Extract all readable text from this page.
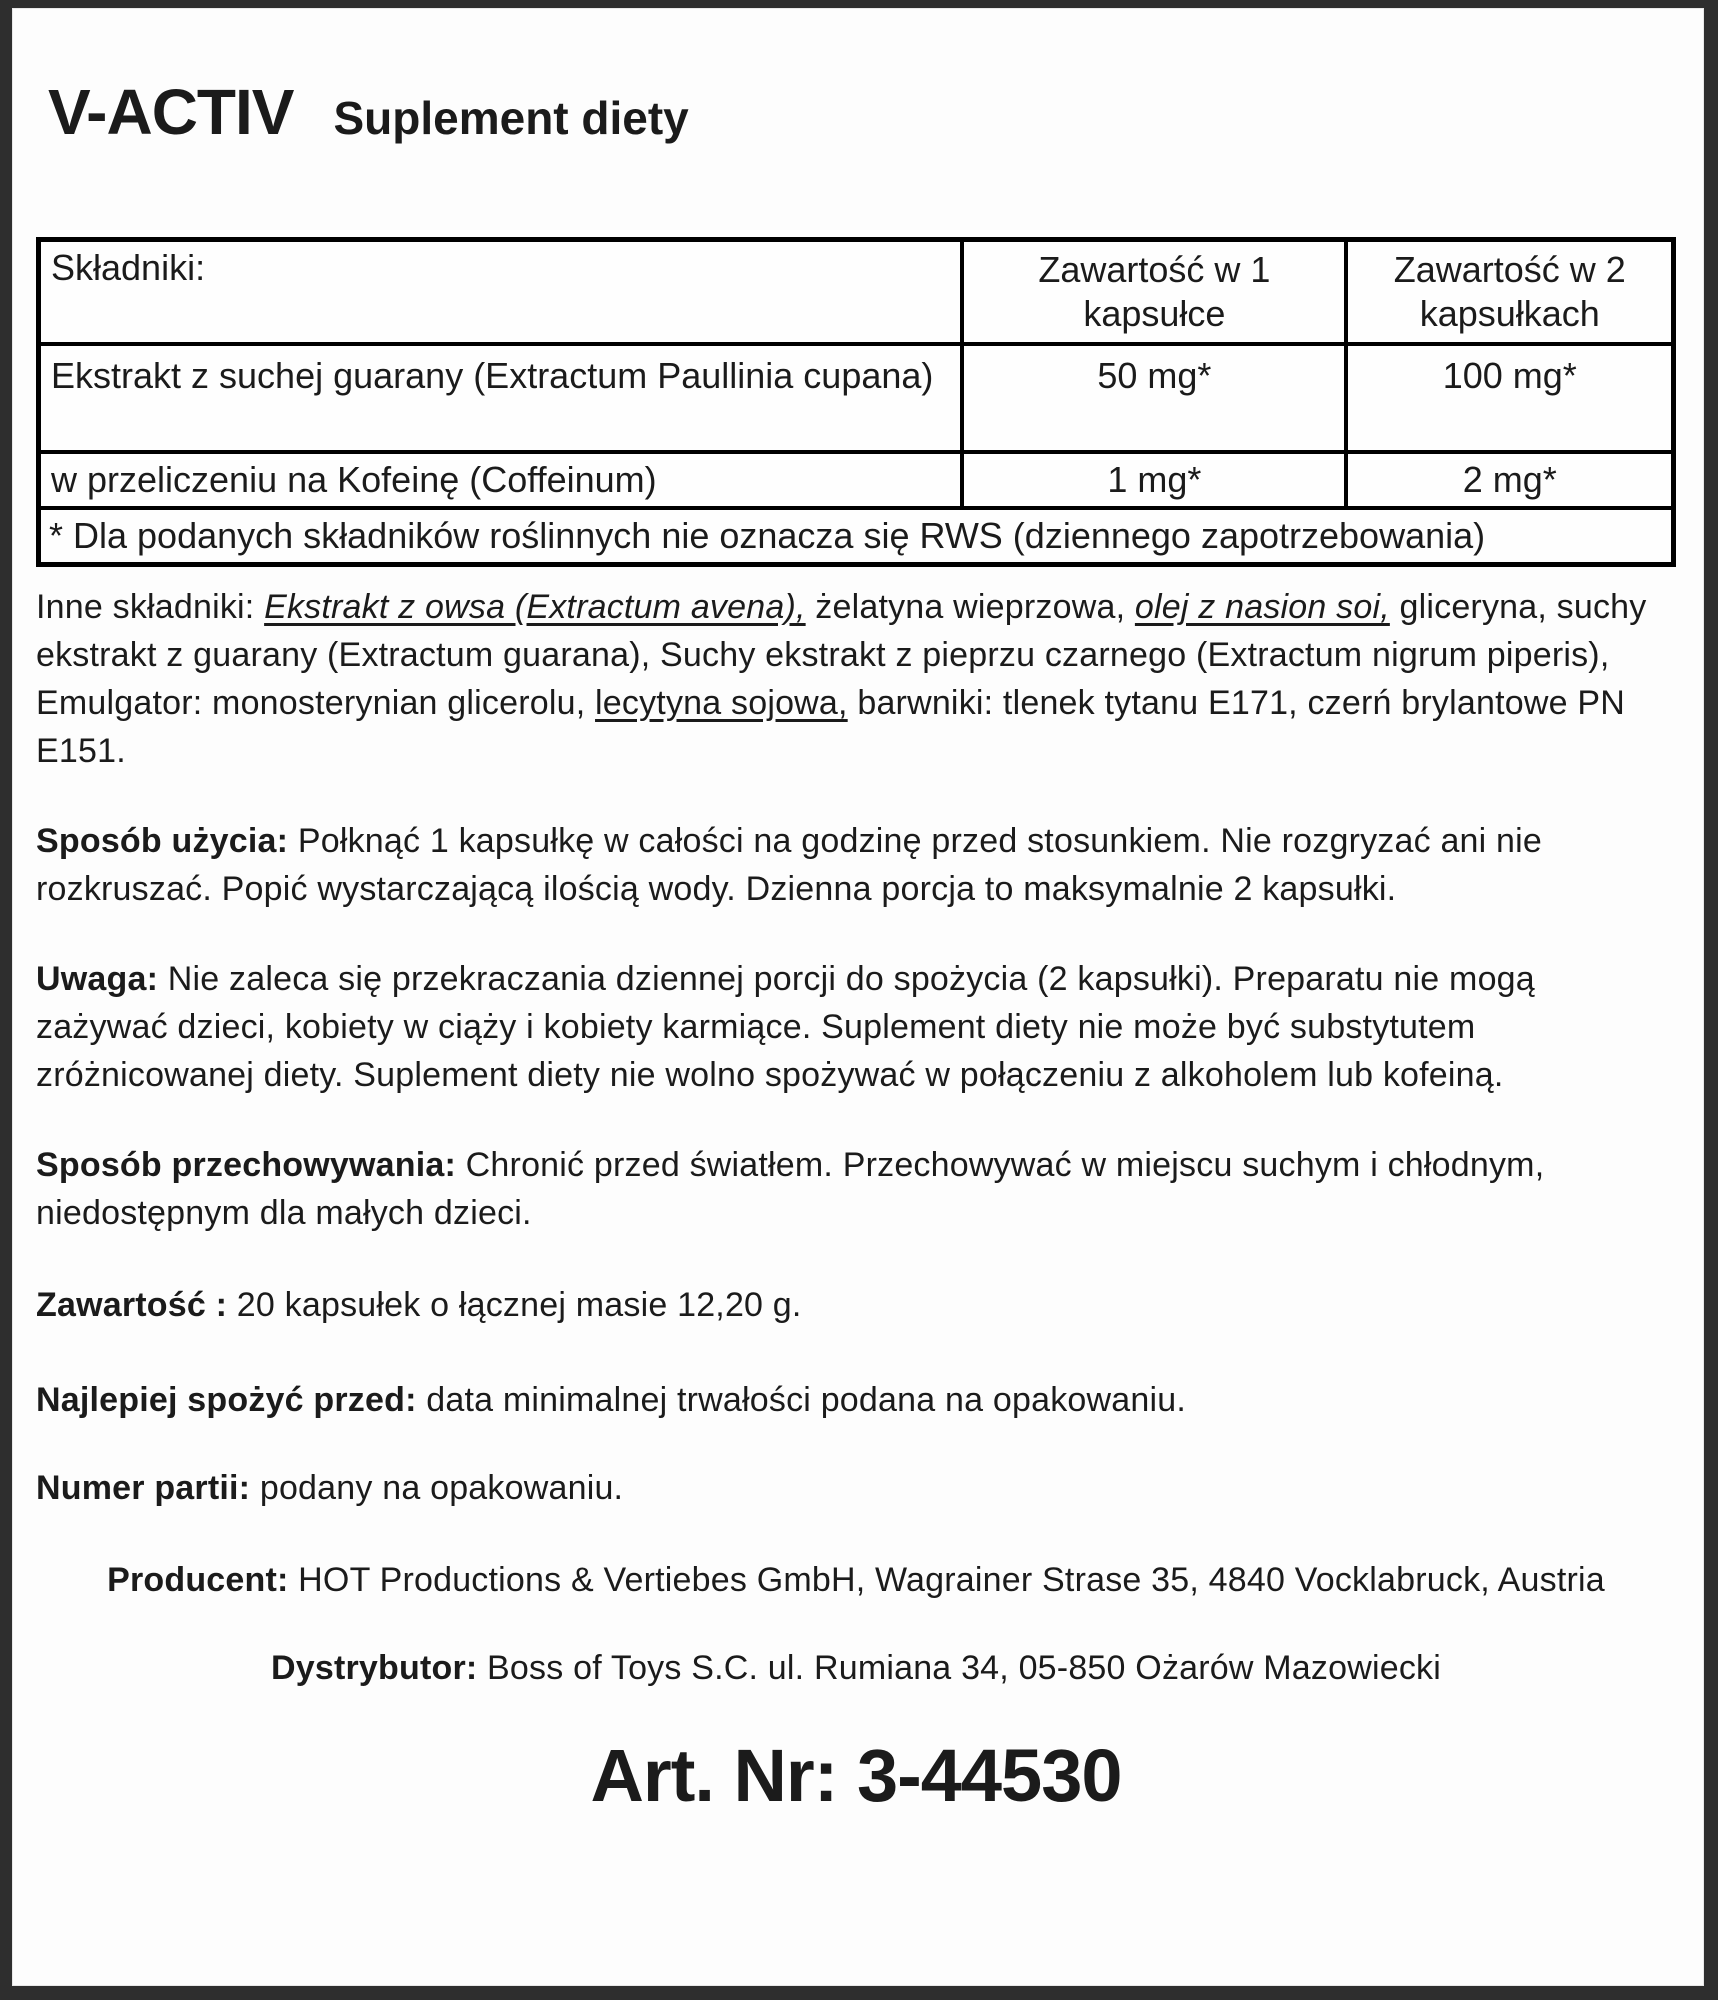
V-ACTIV Suplement diety
Składniki:	Zawartość w 1 kapsułce	Zawartość w 2 kapsułkach
Ekstrakt z suchej guarany (Extractum Paullinia cupana)	50 mg*	100 mg*
w przeliczeniu na Kofeinę (Coffeinum)	1 mg*	2 mg*
* Dla podanych składników roślinnych nie oznacza się RWS (dziennego zapotrzebowania)		

Inne składniki: Ekstrakt z owsa (Extractum avena), żelatyna wieprzowa, olej z nasion soi, gliceryna, suchy ekstrakt z guarany (Extractum guarana), Suchy ekstrakt z pieprzu czarnego (Extractum nigrum piperis), Emulgator: monosterynian glicerolu, lecytyna sojowa, barwniki: tlenek tytanu E171, czerń brylantowe PN E151.

Sposób użycia: Połknąć 1 kapsułkę w całości na godzinę przed stosunkiem. Nie rozgryzać ani nie rozkruszać. Popić wystarczającą ilością wody. Dzienna porcja to maksymalnie 2 kapsułki.

Uwaga: Nie zaleca się przekraczania dziennej porcji do spożycia (2 kapsułki). Preparatu nie mogą zażywać dzieci, kobiety w ciąży i kobiety karmiące. Suplement diety nie może być substytutem zróżnicowanej diety. Suplement diety nie wolno spożywać w połączeniu z alkoholem lub kofeiną.

Sposób przechowywania: Chronić przed światłem. Przechowywać w miejscu suchym i chłodnym, niedostępnym dla małych dzieci.

Zawartość : 20 kapsułek o łącznej masie 12,20 g.

Najlepiej spożyć przed: data minimalnej trwałości podana na opakowaniu.

Numer partii: podany na opakowaniu.

Producent: HOT Productions & Vertiebes GmbH, Wagrainer Strase 35, 4840 Vocklabruck, Austria

Dystrybutor: Boss of Toys S.C. ul. Rumiana 34, 05-850 Ożarów Mazowiecki

Art. Nr: 3-44530
